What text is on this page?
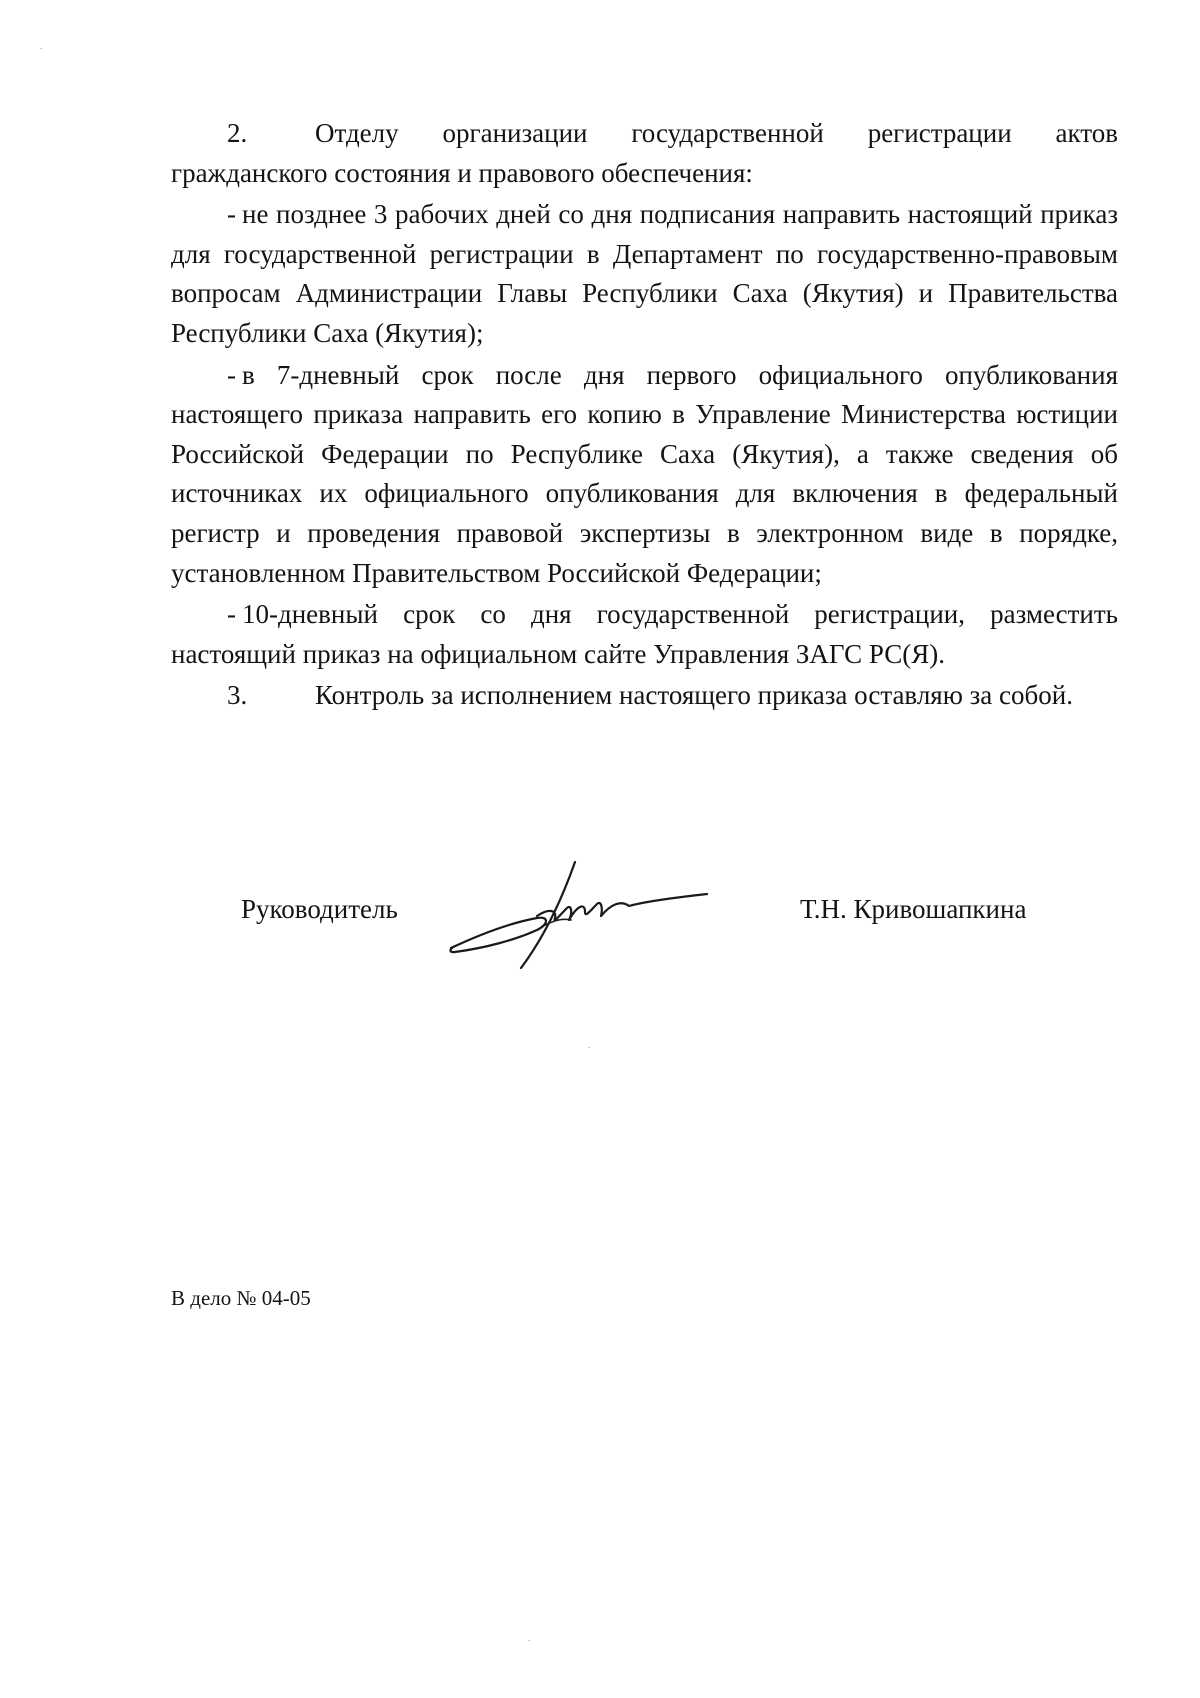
2.	Отделу организации государственной регистрации актов гражданского состояния и правового обеспечения:

- не позднее 3 рабочих дней со дня подписания направить настоящий приказ для государственной регистрации в Департамент по государственно-правовым вопросам Администрации Главы Республики Саха (Якутия) и Правительства Республики Саха (Якутия);

- в 7-дневный срок после дня первого официального опубликования настоящего приказа направить его копию в Управление Министерства юстиции Российской Федерации по Республике Саха (Якутия), а также сведения об источниках их официального опубликования для включения в федеральный регистр и проведения правовой экспертизы в электронном виде в порядке, установленном Правительством Российской Федерации;

- 10-дневный срок со дня государственной регистрации, разместить настоящий приказ на официальном сайте Управления ЗАГС РС(Я).

3.	Контроль за исполнением настоящего приказа оставляю за собой.

Руководитель	Т.Н. Кривошапкина
В дело № 04-05
